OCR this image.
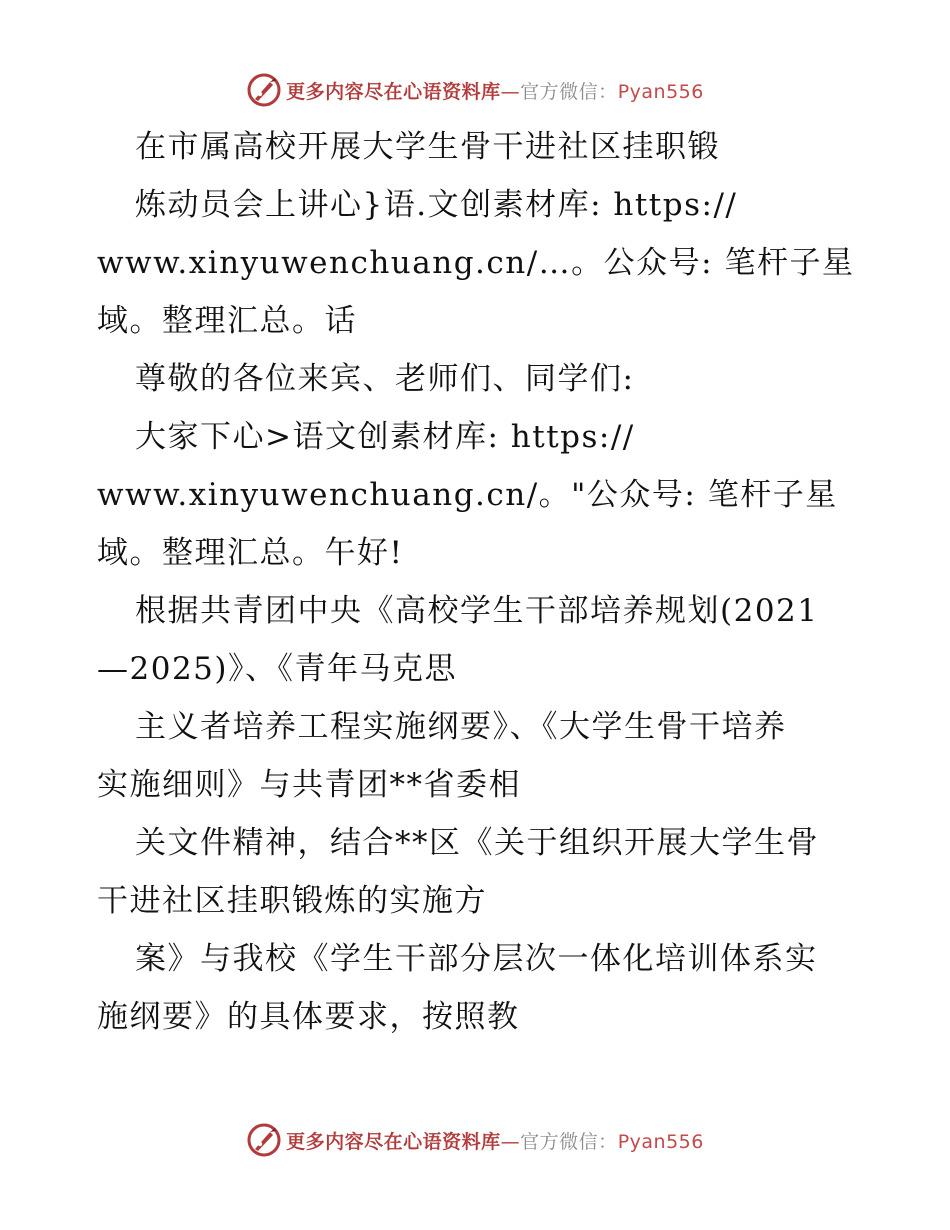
更多内容尽在心语资料库—官方微信：Pyan556
在市属高校开展大学生骨干进社区挂职锻
炼动员会上讲心}语.文创素材库: https://
www.xinyuwenchuang.cn/…。公众号: 笔杆子星
域。整理汇总。话
尊敬的各位来宾、老师们、同学们:
大家下心>语文创素材库: https://
www.xinyuwenchuang.cn/。"公众号: 笔杆子星
域。整理汇总。午好!
根据共青团中央《高校学生干部培养规划(2021
—2025)》、《青年马克思
主义者培养工程实施纲要》、《大学生骨干培养
实施细则》与共青团**省委相
关文件精神，结合**区《关于组织开展大学生骨
干进社区挂职锻炼的实施方
案》与我校《学生干部分层次一体化培训体系实
施纲要》的具体要求，按照教
更多内容尽在心语资料库—官方微信：Pyan556
